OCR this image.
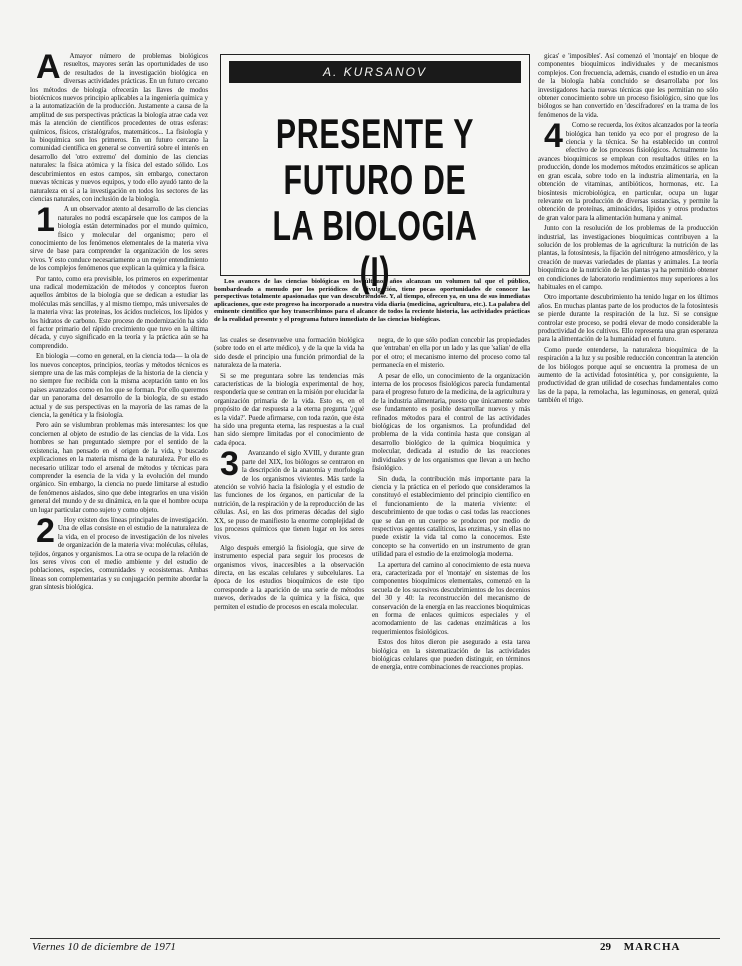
A Amayor número de problemas biológicos resueltos, mayores serán las oportunidades de uso de resultados de la investigación biológica en diversas actividades prácticas. En un futuro cercano los métodos de biología ofrecerán las llaves de modos biotécnicos nuevos principio aplicables a la ingeniería química y a la automatización de la producción. Justamente a causa de la amplitud de sus perspectivas prácticas la biología atrae cada vez más la atención de científicos procedentes de otras esferas: químicos, físicos, cristalógrafos, matemáticos... La fisiología y la bioquímica son los primeros. En un futuro cercano la comunidad científica en general se convertirá sobre el interés en desarrollo del 'otro extremo' del dominio de las ciencias naturales: la física atómica y la física del estado sólido. Los descubrimientos en estos campos, sin embargo, conectaron nuevas técnicas y nuevos equipos, y todo ello ayudó tanto de la naturaleza en sí a la investigación en todos los sectores de las ciencias naturales, con inclusión de la biología.

1 A un observador atento al desarrollo de las ciencias naturales no podrá escapársele que los campos de la biología están determinados por el mundo químico, físico y molecular del organismo; pero el conocimiento de los fenómenos elementales de la materia viva sirve de base para comprender la organización de los seres vivos. Y esto conduce necesariamente a un mejor entendimiento de los complejos fenómenos que explican la química y la física.

Por tanto, como era previsible, los primeros en experimentar una radical modernización de métodos y conceptos fueron aquellos ámbitos de la biología que se dedican a estudiar las moléculas más sencillas, y al mismo tiempo, más universales de la materia viva: las proteínas, los ácidos nucleicos, los lípidos y los hidratos de carbono. Este proceso de modernización ha sido el factor primario del rápido crecimiento que tuvo en la última década, y cuyo significado en la teoría y la práctica aún se ha comprendido.

En biología —como en general, en la ciencia toda— la ola de los nuevos conceptos, principios, teorías y métodos técnicos es siempre una de las más complejas de la historia de la ciencia y no siempre fue recibida con la misma aceptación tanto en los países avanzados como en los que se forman. Por ello queremos dar un panorama del desarrollo de la biología, de su estado actual y de sus perspectivas en la mayoría de las ramas de la ciencia, la genética y la fisiología.

Pero aún se vislumbran problemas más interesantes: los que conciernen al objeto de estudio de las ciencias de la vida. Los hombres se han preguntado siempre por el sentido de la existencia, han pensado en el origen de la vida, y buscado explicaciones en la materia misma de la naturaleza. Por ello es necesario utilizar todo el arsenal de métodos y técnicas para comprender la esencia de la vida y la evolución del mundo orgánico. Sin embargo, la ciencia no puede limitarse al estudio de fenómenos aislados, sino que debe integrarlos en una visión general del mundo y de su dinámica, en la que el hombre ocupa un lugar particular como sujeto y como objeto.

2 Hoy existen dos líneas principales de investigación. Una de ellas consiste en el estudio de la naturaleza de la vida, en el proceso de investigación de los niveles de organización de la materia viva: moléculas, células, tejidos, órganos y organismos. La otra se ocupa de la relación de los seres vivos con el medio ambiente y del estudio de poblaciones, especies, comunidades y ecosistemas. Ambas líneas son complementarias y su conjugación permite abordar la gran síntesis biológica.

A. KURSANOV
PRESENTE Y FUTURO DE LA BIOLOGIA (I)

Los avances de las ciencias biológicas en los últimos años alcanzan un volumen tal que el público, bombardeado a menudo por los periódicos de divulgación, tiene pocas oportunidades de conocer las perspectivas totalmente apasionadas que van descubriéndose. Y, al tiempo, ofrecen ya, en una de sus inmediatas aplicaciones, que este progreso ha incorporado a nuestra vida diaria (medicina, agricultura, etc.). La palabra del eminente científico que hoy transcribimos para el alcance de todos la reciente historia, las actividades prácticas de la realidad presente y el programa futuro inmediato de las ciencias biológicas.

las cuales se desenvuelve una formación biológica (sobre todo en el arte médico), y de la que la vida ha sido desde el principio una función primordial de la naturaleza de la materia.

Si se me preguntara sobre las tendencias más características de la biología experimental de hoy, respondería que se centran en la misión por elucidar la organización primaria de la vida. Esto es, en el propósito de dar respuesta a la eterna pregunta '¿qué es la vida?'. Puede afirmarse, con toda razón, que ésta ha sido una pregunta eterna, las respuestas a la cual han sido siempre limitadas por el conocimiento de cada época.

3 Avanzando el siglo XVIII, y durante gran parte del XIX, los biólogos se centraron en la descripción de la anatomía y morfología de los organismos vivientes. Más tarde la atención se volvió hacia la fisiología y el estudio de las funciones de los órganos, en particular de la nutrición, de la respiración y de la reproducción de las células. Así, en las dos primeras décadas del siglo XX, se puso de manifiesto la enorme complejidad de los procesos químicos que tienen lugar en los seres vivos.

Algo después emergió la fisiología, que sirve de instrumento especial para seguir los procesos de organismos vivos, inaccesibles a la observación directa, en las escalas celulares y subcelulares. La época de los estudios bioquímicos de este tipo corresponde a la aparición de una serie de métodos nuevos, derivados de la química y la física, que permiten el estudio de procesos en escala molecular.

negra, de lo que sólo podían concebir las propiedades que 'entraban' en ella por un lado y las que 'salían' de ella por el otro; el mecanismo interno del proceso como tal permanecía en el misterio.

A pesar de ello, un conocimiento de la organización interna de los procesos fisiológicos parecía fundamental para el progreso futuro de la medicina, de la agricultura y de la industria alimentaria, puesto que únicamente sobre ese fundamento es posible desarrollar nuevos y más refinados métodos para el control de las actividades biológicas de los organismos. La profundidad del problema de la vida continúa hasta que consigan al desarrollo biológico de la química bioquímica y molecular, dedicada al estudio de las reacciones individuales y de los organismos que llevan a un hecho fisiológico.

Sin duda, la contribución más importante para la ciencia y la práctica en el período que consideramos la constituyó el establecimiento del principio científico en el funcionamiento de la materia viviente: el descubrimiento de que todas o casi todas las reacciones que se dan en un cuerpo se producen por medio de respectivos agentes catalíticos, las enzimas, y sin ellas no puede existir la vida tal como la conocemos. Este concepto se ha convertido en un instrumento de gran utilidad para el estudio de la enzimología moderna.

La apertura del camino al conocimiento de esta nueva era, caracterizada por el 'montaje' en sistemas de los componentes bioquímicos elementales, comenzó en la secuela de los sucesivos descubrimientos de los decenios del 30 y 40: la reconstrucción del mecanismo de conservación de la energía en las reacciones bioquímicas en forma de enlaces químicos especiales y el acomodamiento de las cadenas enzimáticas a los requerimientos fisiológicos.

Estos dos hitos dieron pie asegurado a esta tarea biológica en la sistematización de las actividades biológicas celulares que pueden distinguir, en términos de energía, entre combinaciones de reacciones propias.

gicas' e 'imposibles'. Así comenzó el 'montaje' en bloque de componentes bioquímicos individuales y de mecanismos complejos. Con frecuencia, además, cuando el estudio en un área de la biología había concluido se desarrollaba por los investigadores hacia nuevas técnicas que les permitían no sólo obtener conocimiento sobre un proceso fisiológico, sino que los biólogos se han convertido en 'descifradores' en la trama de los fenómenos de la vida.

4 Como se recuerda, los éxitos alcanzados por la teoría biológica han tenido ya eco por el progreso de la ciencia y la técnica. Se ha establecido un control efectivo de los procesos fisiológicos. Actualmente los avances bioquímicos se emplean con resultados útiles en la producción, donde los modernos métodos enzimáticos se aplican en gran escala, sobre todo en la industria alimentaria, en la obtención de vitaminas, antibióticos, hormonas, etc. La biosíntesis microbiológica, en particular, ocupa un lugar relevante en la producción de diversas sustancias, y permite la obtención de proteínas, aminoácidos, lípidos y otros productos de gran valor para la alimentación humana y animal.

Junto con la resolución de los problemas de la producción industrial, las investigaciones bioquímicas contribuyen a la solución de los problemas de la agricultura: la nutrición de las plantas, la fotosíntesis, la fijación del nitrógeno atmosférico, y la creación de nuevas variedades de plantas y animales. La teoría bioquímica de la nutrición de las plantas ya ha permitido obtener en condiciones de laboratorio rendimientos muy superiores a los habituales en el campo.

Otro importante descubrimiento ha tenido lugar en los últimos años. En muchas plantas parte de los productos de la fotosíntesis se pierde durante la respiración de la luz. Si se consigue controlar este proceso, se podrá elevar de modo considerable la productividad de los cultivos. Ello representa una gran esperanza para la alimentación de la humanidad en el futuro.

Como puede entenderse, la naturaleza bioquímica de la respiración a la luz y su posible reducción concentran la atención de los biólogos porque aquí se encuentra la promesa de un aumento de la actividad fotosintética y, por consiguiente, la productividad de gran utilidad de cosechas fundamentales como las de la papa, la remolacha, las leguminosas, en general, quizá también el trigo.

Viernes 10 de diciembre de 1971	29 MARCHA
